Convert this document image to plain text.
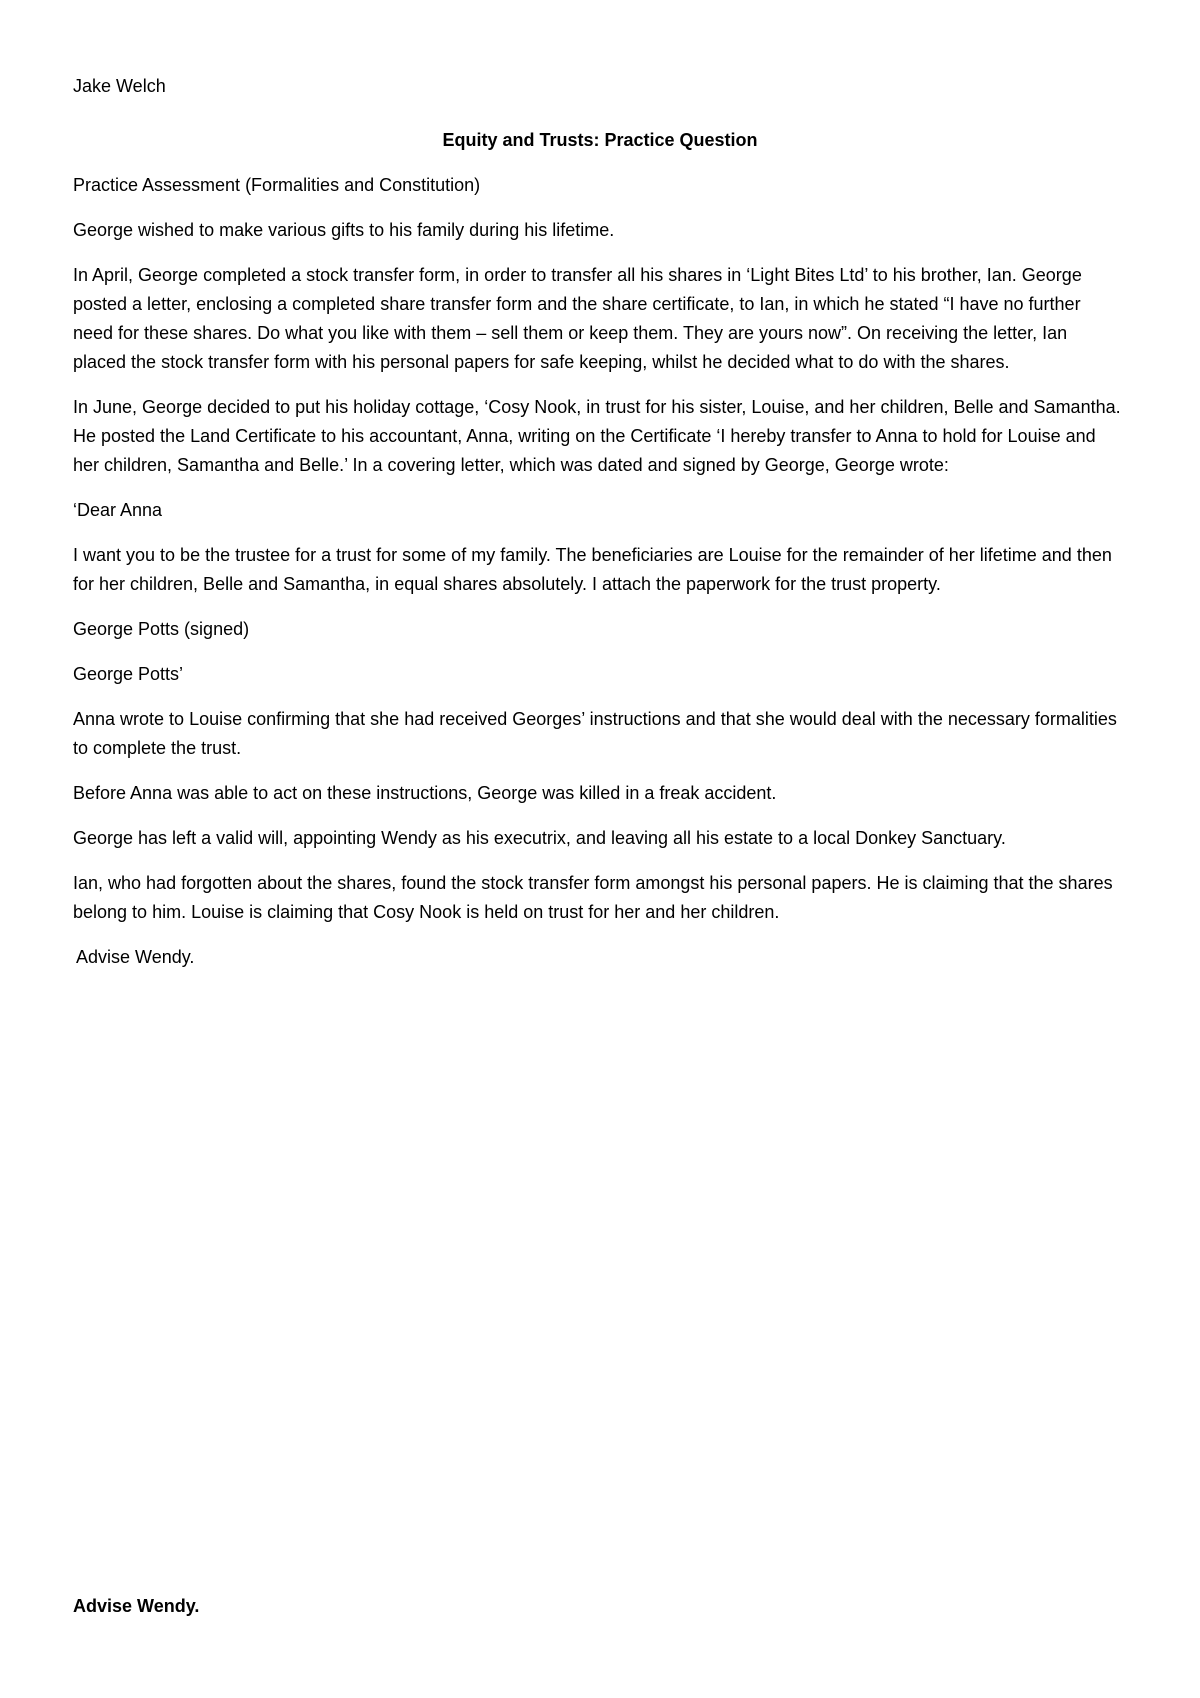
Jake Welch
Equity and Trusts: Practice Question

Practice Assessment (Formalities and Constitution)

George wished to make various gifts to his family during his lifetime.

In April, George completed a stock transfer form, in order to transfer all his shares in ‘Light Bites Ltd’ to his brother, Ian. George posted a letter, enclosing a completed share transfer form and the share certificate, to Ian, in which he stated “I have no further need for these shares. Do what you like with them – sell them or keep them. They are yours now”. On receiving the letter, Ian placed the stock transfer form with his personal papers for safe keeping, whilst he decided what to do with the shares.

In June, George decided to put his holiday cottage, ‘Cosy Nook, in trust for his sister, Louise, and her children, Belle and Samantha. He posted the Land Certificate to his accountant, Anna, writing on the Certificate ‘I hereby transfer to Anna to hold for Louise and her children, Samantha and Belle.’ In a covering letter, which was dated and signed by George, George wrote:

‘Dear Anna

I want you to be the trustee for a trust for some of my family. The beneficiaries are Louise for the remainder of her lifetime and then for her children, Belle and Samantha, in equal shares absolutely. I attach the paperwork for the trust property.

George Potts (signed)

George Potts’

Anna wrote to Louise confirming that she had received Georges’ instructions and that she would deal with the necessary formalities to complete the trust.

Before Anna was able to act on these instructions, George was killed in a freak accident.

George has left a valid will, appointing Wendy as his executrix, and leaving all his estate to a local Donkey Sanctuary.

Ian, who had forgotten about the shares, found the stock transfer form amongst his personal papers. He is claiming that the shares belong to him. Louise is claiming that Cosy Nook is held on trust for her and her children.

Advise Wendy.

Advise Wendy.
